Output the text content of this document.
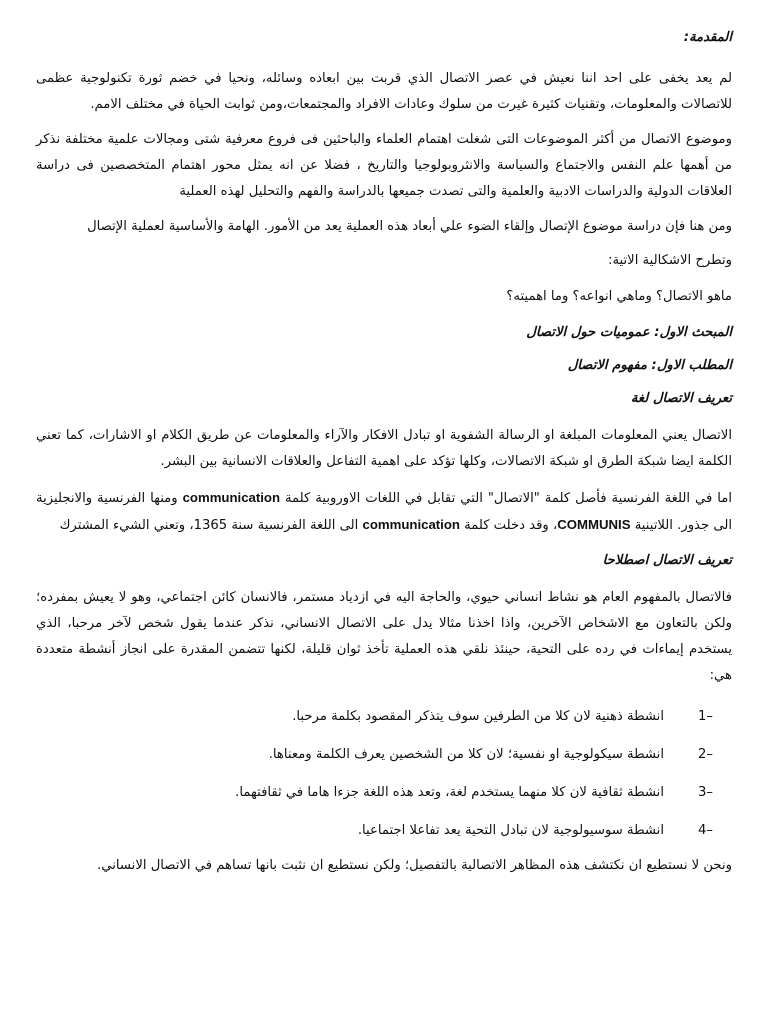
المقدمة:

لم يعد يخفى على احد اننا نعيش في عصر الاتصال الذي قربت بين ابعاده وسائله، ونحيا في خضم ثورة تكنولوجية عظمى للاتصالات والمعلومات، وتقنيات كثيرة غيرت من سلوك وعادات الافراد والمجتمعات،ومن ثوابت الحياة في مختلف الامم.

وموضوع الاتصال من أكثر الموضوعات التى شغلت اهتمام العلماء والباحثين فى فروع معرفية شتى ومجالات علمية مختلفة نذكر من أهمها علم النفس والاجتماع والسياسة والانثروبولوجيا والتاريخ ، فضلا عن انه يمثل محور اهتمام المتخصصين فى دراسة العلاقات الدولية والدراسات الادبية والعلمية والتى تصدت جميعها بالدراسة والفهم والتحليل لهذه العملية

ومن هنا فإن دراسة موضوع الإتصال وإلقاء الضوء علي أبعاد هذه العملية يعد من الأمور. الهامة والأساسية لعملية الإتصال

وتطرح الاشكالية الاتية:

ماهو الاتصال؟ وماهي انواعه؟ وما اهميته؟

المبحث الاول: عموميات حول الاتصال

المطلب الاول: مفهوم الاتصال

تعريف الاتصال لغة

الاتصال يعني المعلومات المبلغة او الرسالة الشفوية او تبادل الافكار والآراء والمعلومات عن طريق الكلام او الاشارات، كما تعني الكلمة ايضا شبكة الطرق او شبكة الاتصالات، وكلها تؤكد على اهمية التفاعل والعلاقات الانسانية بين البشر.

اما في اللغة الفرنسية فأصل كلمة "الاتصال" التي تقابل في اللغات الاوروبية كلمة communication ومنها الفرنسية والانجليزية الى جذور. اللاتينية COMMUNIS، وقد دخلت كلمة communication الى اللغة الفرنسية سنة 1365، وتعني الشيء المشترك

تعريف الاتصال اصطلاحا

فالاتصال بالمفهوم العام هو نشاط انساني حيوي، والحاجة اليه في ازدياد مستمر، فالانسان كائن اجتماعي، وهو لا يعيش بمفرده؛ ولكن بالتعاون مع الاشخاص الآخرين، واذا اخذنا مثالا يدل على الاتصال الانساني، نذكر عندما يقول شخص لآخر مرحبا، الذي يستخدم إيماءات في رده على التحية، حينئذ نلقي هذه العملية تأخذ ثوان قليلة، لكنها تتضمن المقدرة على انجاز أنشطة متعددة هي:

1–
انشطة ذهنية لان كلا من الطرفين سوف يتذكر المقصود بكلمة مرحبا.
2–
انشطة سيكولوجية او نفسية؛ لان كلا من الشخصين يعرف الكلمة ومعناها.
3–
انشطة ثقافية لان كلا منهما يستخدم لغة، وتعد هذه اللغة جزءا هاما في ثقافتهما.
4–
انشطة سوسيولوجية لان تبادل التحية يعد تفاعلا اجتماعيا.

ونحن لا نستطيع ان نكتشف هذه المظاهر الاتصالية بالتفصيل؛ ولكن نستطيع ان نثبت بانها تساهم في الاتصال الانساني.
